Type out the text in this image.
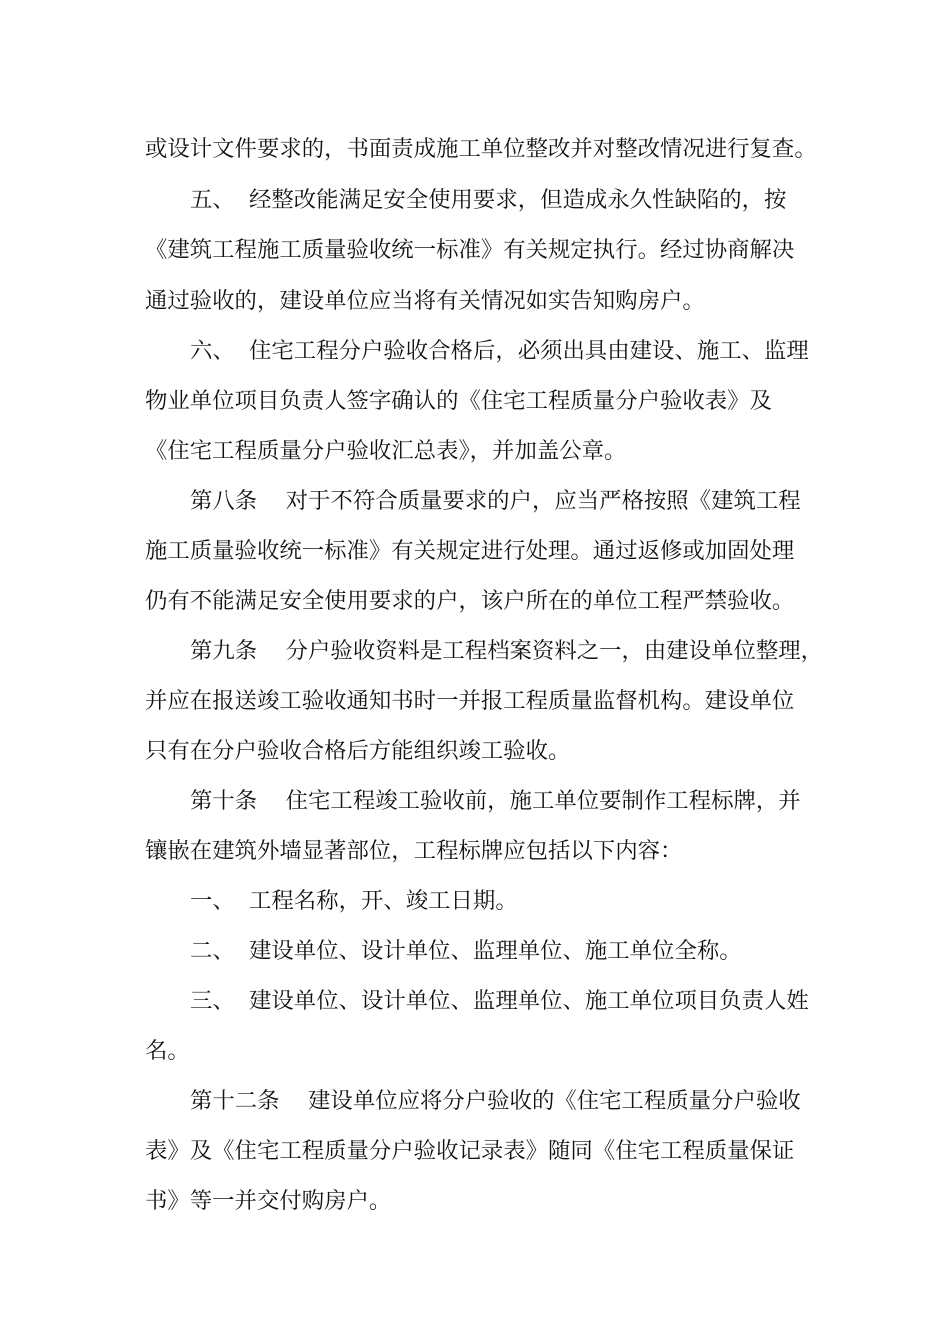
或设计文件要求的，书面责成施工单位整改并对整改情况进行复查。
五、  经整改能满足安全使用要求，但造成永久性缺陷的，按
《建筑工程施工质量验收统一标准》有关规定执行。经过协商解决
通过验收的，建设单位应当将有关情况如实告知购房户。
六、  住宅工程分户验收合格后，必须出具由建设、施工、监理
物业单位项目负责人签字确认的《住宅工程质量分户验收表》及
《住宅工程质量分户验收汇总表》，并加盖公章。
第八条    对于不符合质量要求的户，应当严格按照《建筑工程
施工质量验收统一标准》有关规定进行处理。通过返修或加固处理
仍有不能满足安全使用要求的户，该户所在的单位工程严禁验收。
第九条    分户验收资料是工程档案资料之一，由建设单位整理，
并应在报送竣工验收通知书时一并报工程质量监督机构。建设单位
只有在分户验收合格后方能组织竣工验收。
第十条    住宅工程竣工验收前，施工单位要制作工程标牌，并
镶嵌在建筑外墙显著部位，工程标牌应包括以下内容：
一、  工程名称，开、竣工日期。
二、  建设单位、设计单位、监理单位、施工单位全称。
三、  建设单位、设计单位、监理单位、施工单位项目负责人姓
名。
第十二条    建设单位应将分户验收的《住宅工程质量分户验收
表》及《住宅工程质量分户验收记录表》随同《住宅工程质量保证
书》等一并交付购房户。
